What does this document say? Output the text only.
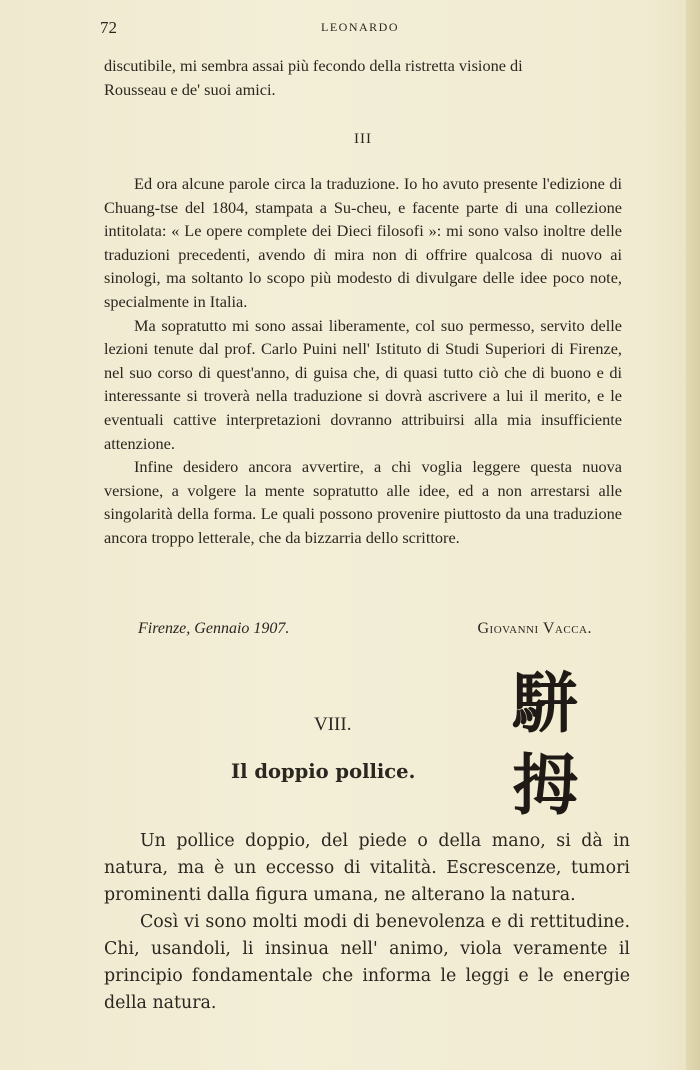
72	LEONARDO

discutibile, mi sembra assai più fecondo della ristretta visione di

Rousseau e de' suoi amici.

III

Ed ora alcune parole circa la traduzione. Io ho avuto presente l'edizione di Chuang-tse del 1804, stampata a Su-cheu, e facente parte di una collezione intitolata: « Le opere complete dei Dieci filosofi »: mi sono valso inoltre delle traduzioni precedenti, avendo di mira non di offrire qualcosa di nuovo ai sinologi, ma soltanto lo scopo più modesto di divulgare delle idee poco note, specialmente in Italia.

Ma sopratutto mi sono assai liberamente, col suo permesso, servito delle lezioni tenute dal prof. Carlo Puini nell' Istituto di Studi Superiori di Firenze, nel suo corso di quest'anno, di guisa che, di quasi tutto ciò che di buono e di interessante si troverà nella traduzione si dovrà ascrivere a lui il merito, e le eventuali cattive interpretazioni dovranno attribuirsi alla mia insufficiente attenzione.

Infine desidero ancora avvertire, a chi voglia leggere questa nuova versione, a volgere la mente sopratutto alle idee, ed a non arrestarsi alle singolarità della forma. Le quali possono provenire piuttosto da una traduzione ancora troppo letterale, che da bizzarria dello scrittore.

Firenze, Gennaio 1907.	Giovanni Vacca.
駢
拇
VIII.
Il doppio pollice.

Un pollice doppio, del piede o della mano, si dà in natura, ma è un eccesso di vitalità. Escrescenze, tumori prominenti dalla figura umana, ne alterano la natura.

Così vi sono molti modi di benevolenza e di rettitudine. Chi, usandoli, li insinua nell' animo, viola veramente il principio fondamentale che informa le leggi e le energie della natura.
